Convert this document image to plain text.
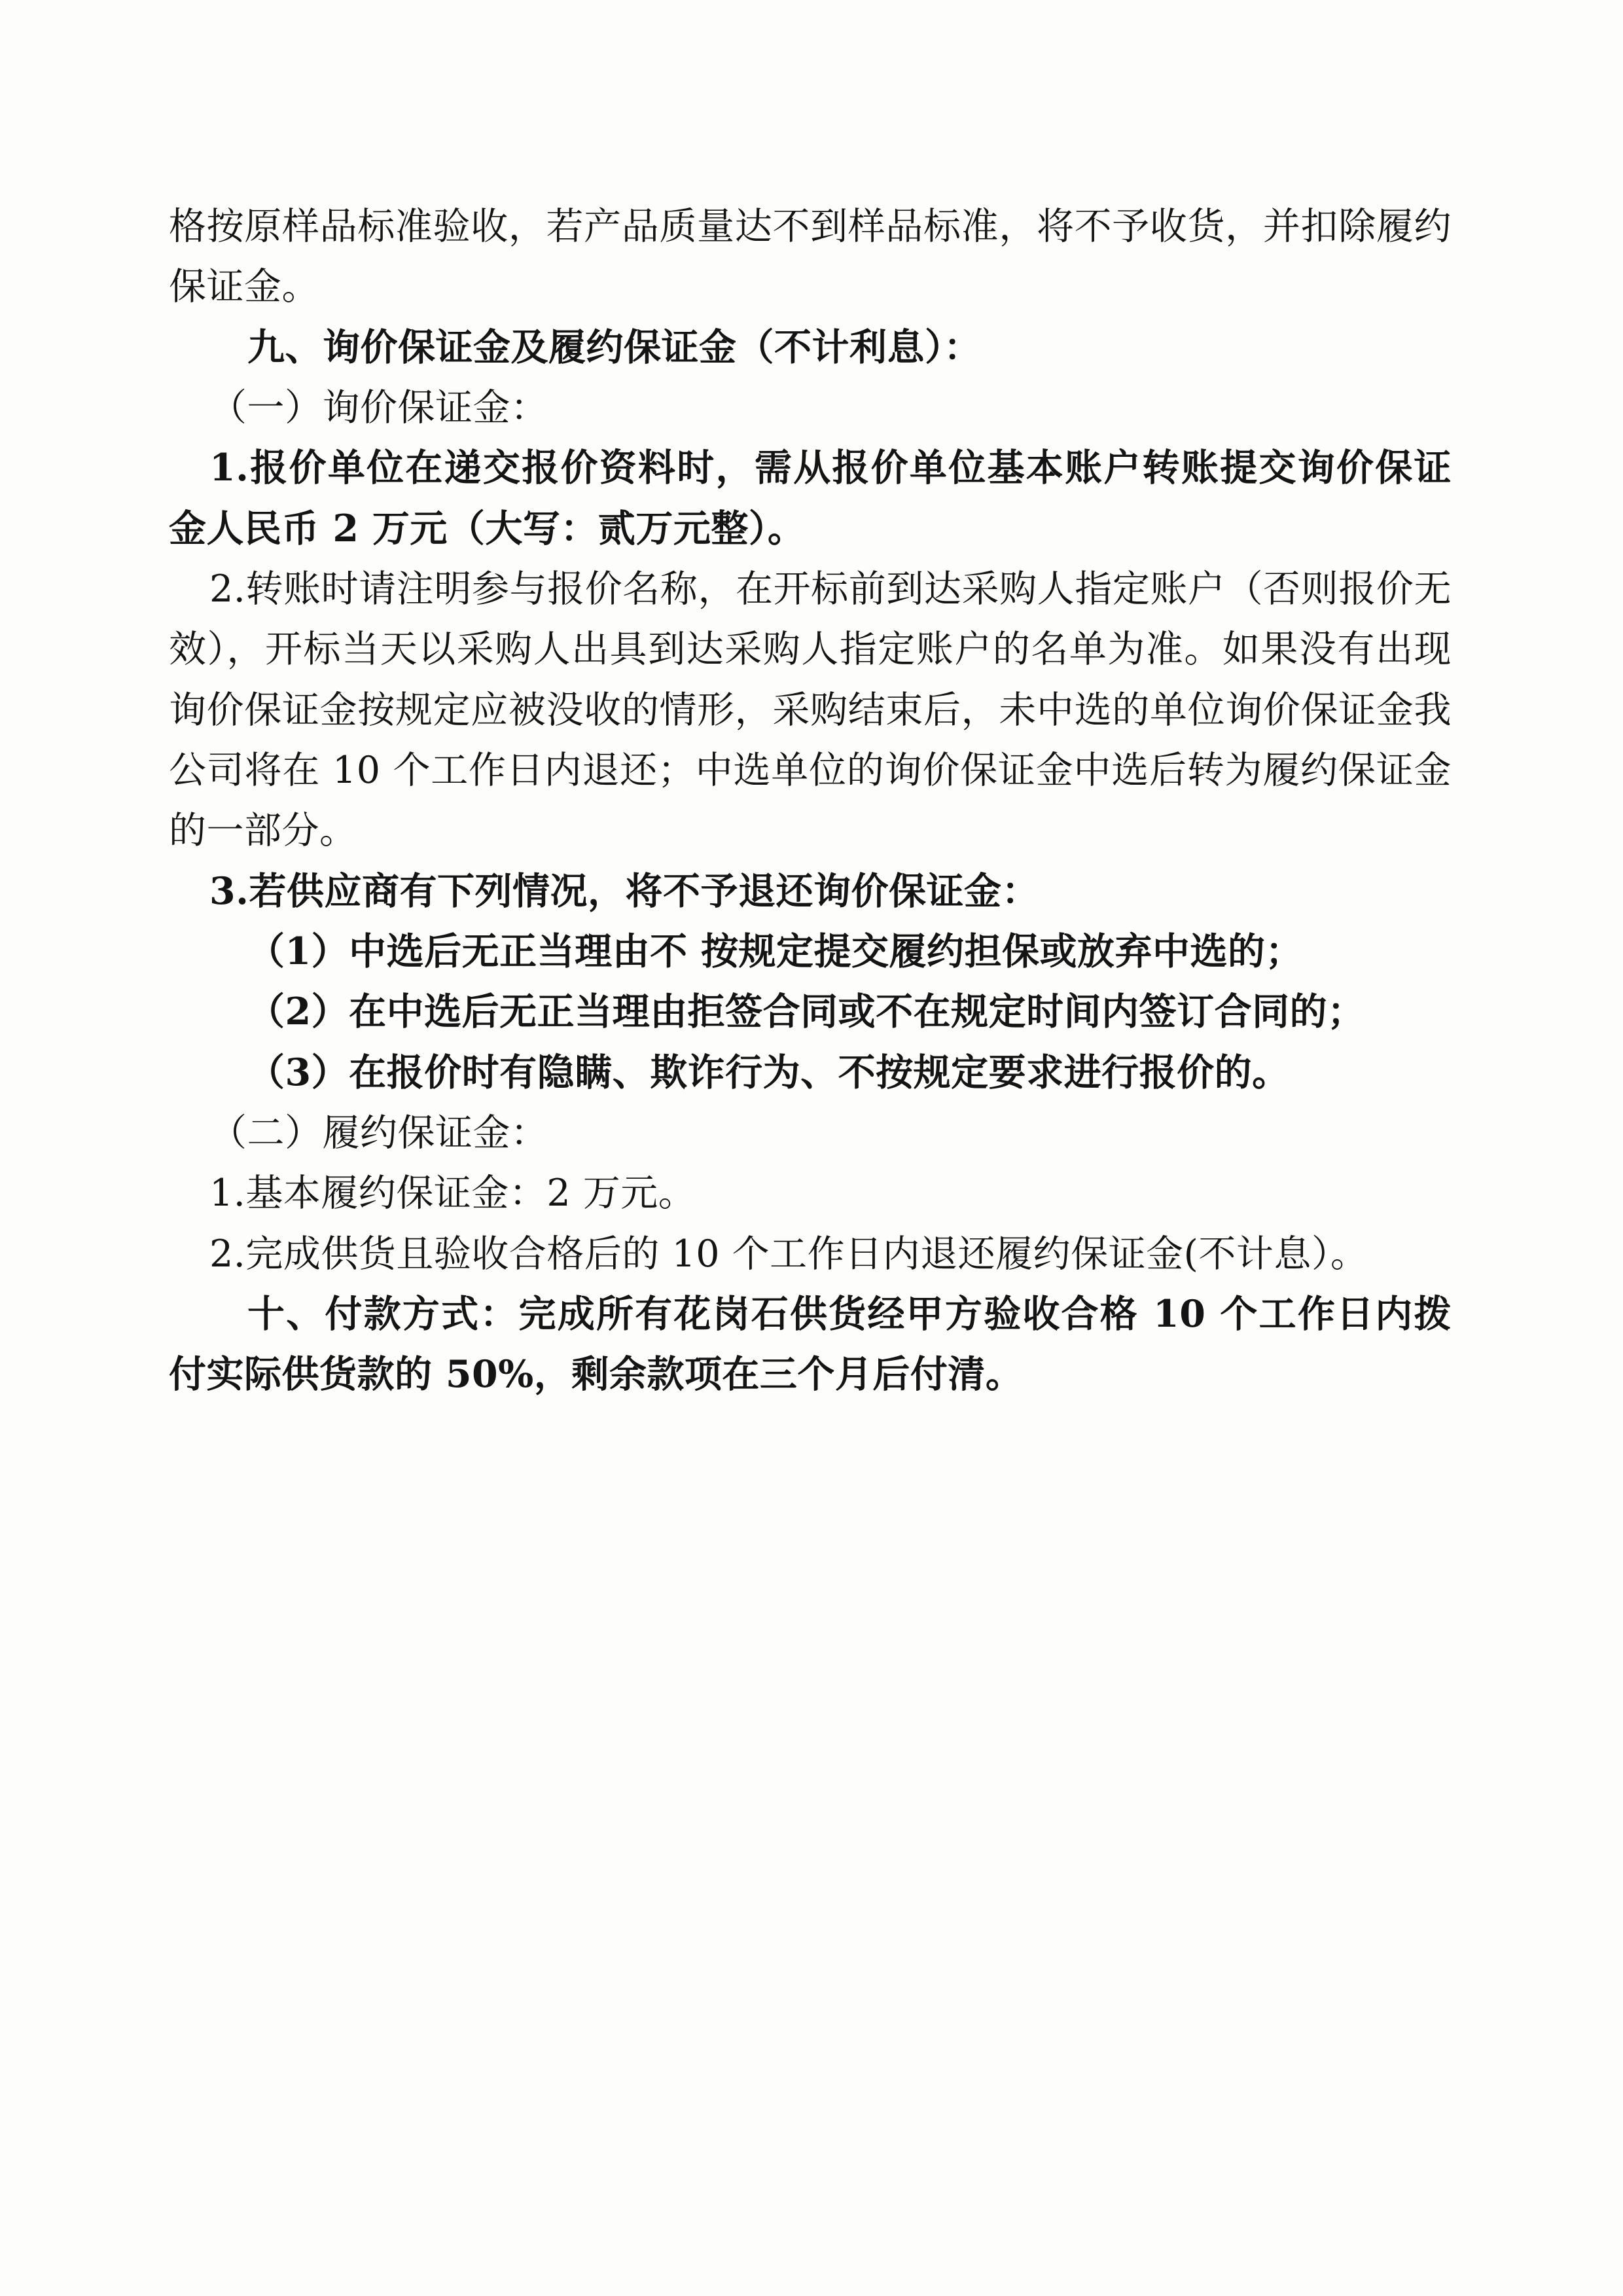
格按原样品标准验收，若产品质量达不到样品标准，将不予收货，并扣除履约保证金。

九、询价保证金及履约保证金（不计利息）：

（一）询价保证金：

1.报价单位在递交报价资料时，需从报价单位基本账户转账提交询价保证金人民币 2 万元（大写：贰万元整）。

2.转账时请注明参与报价名称，在开标前到达采购人指定账户（否则报价无效），开标当天以采购人出具到达采购人指定账户的名单为准。如果没有出现询价保证金按规定应被没收的情形，采购结束后，未中选的单位询价保证金我公司将在 10 个工作日内退还；中选单位的询价保证金中选后转为履约保证金的一部分。

3.若供应商有下列情况，将不予退还询价保证金：

（1）中选后无正当理由不 按规定提交履约担保或放弃中选的；

（2）在中选后无正当理由拒签合同或不在规定时间内签订合同的；

（3）在报价时有隐瞒、欺诈行为、不按规定要求进行报价的。

（二）履约保证金：

1.基本履约保证金：2 万元。

2.完成供货且验收合格后的 10 个工作日内退还履约保证金(不计息）。

十、付款方式：完成所有花岗石供货经甲方验收合格 10 个工作日内拨付实际供货款的 50%，剩余款项在三个月后付清。
